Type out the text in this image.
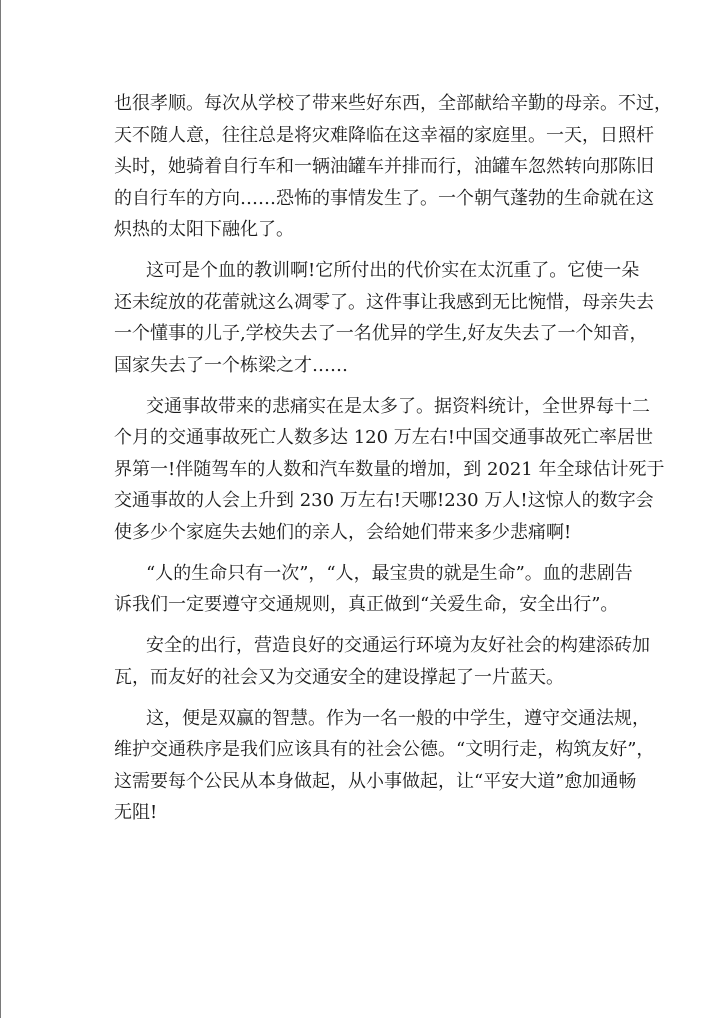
也很孝顺。每次从学校了带来些好东西，全部献给辛勤的母亲。不过，
天不随人意，往往总是将灾难降临在这幸福的家庭里。一天，日照杆
头时，她骑着自行车和一辆油罐车并排而行，油罐车忽然转向那陈旧
的自行车的方向……恐怖的事情发生了。一个朝气蓬勃的生命就在这
炽热的太阳下融化了。
这可是个血的教训啊!它所付出的代价实在太沉重了。它使一朵
还未绽放的花蕾就这么凋零了。这件事让我感到无比惋惜，母亲失去
一个懂事的儿子,学校失去了一名优异的学生,好友失去了一个知音，
国家失去了一个栋梁之才……
交通事故带来的悲痛实在是太多了。据资料统计，全世界每十二
个月的交通事故死亡人数多达 120 万左右!中国交通事故死亡率居世
界第一!伴随驾车的人数和汽车数量的增加，到 2021 年全球估计死于
交通事故的人会上升到 230 万左右!天哪!230 万人!这惊人的数字会
使多少个家庭失去她们的亲人，会给她们带来多少悲痛啊!
“人的生命只有一次”，“人，最宝贵的就是生命”。血的悲剧告
诉我们一定要遵守交通规则，真正做到“关爱生命，安全出行”。
安全的出行，营造良好的交通运行环境为友好社会的构建添砖加
瓦，而友好的社会又为交通安全的建设撑起了一片蓝天。
这，便是双赢的智慧。作为一名一般的中学生，遵守交通法规，
维护交通秩序是我们应该具有的社会公德。“文明行走，构筑友好”，
这需要每个公民从本身做起，从小事做起，让“平安大道”愈加通畅
无阻!
